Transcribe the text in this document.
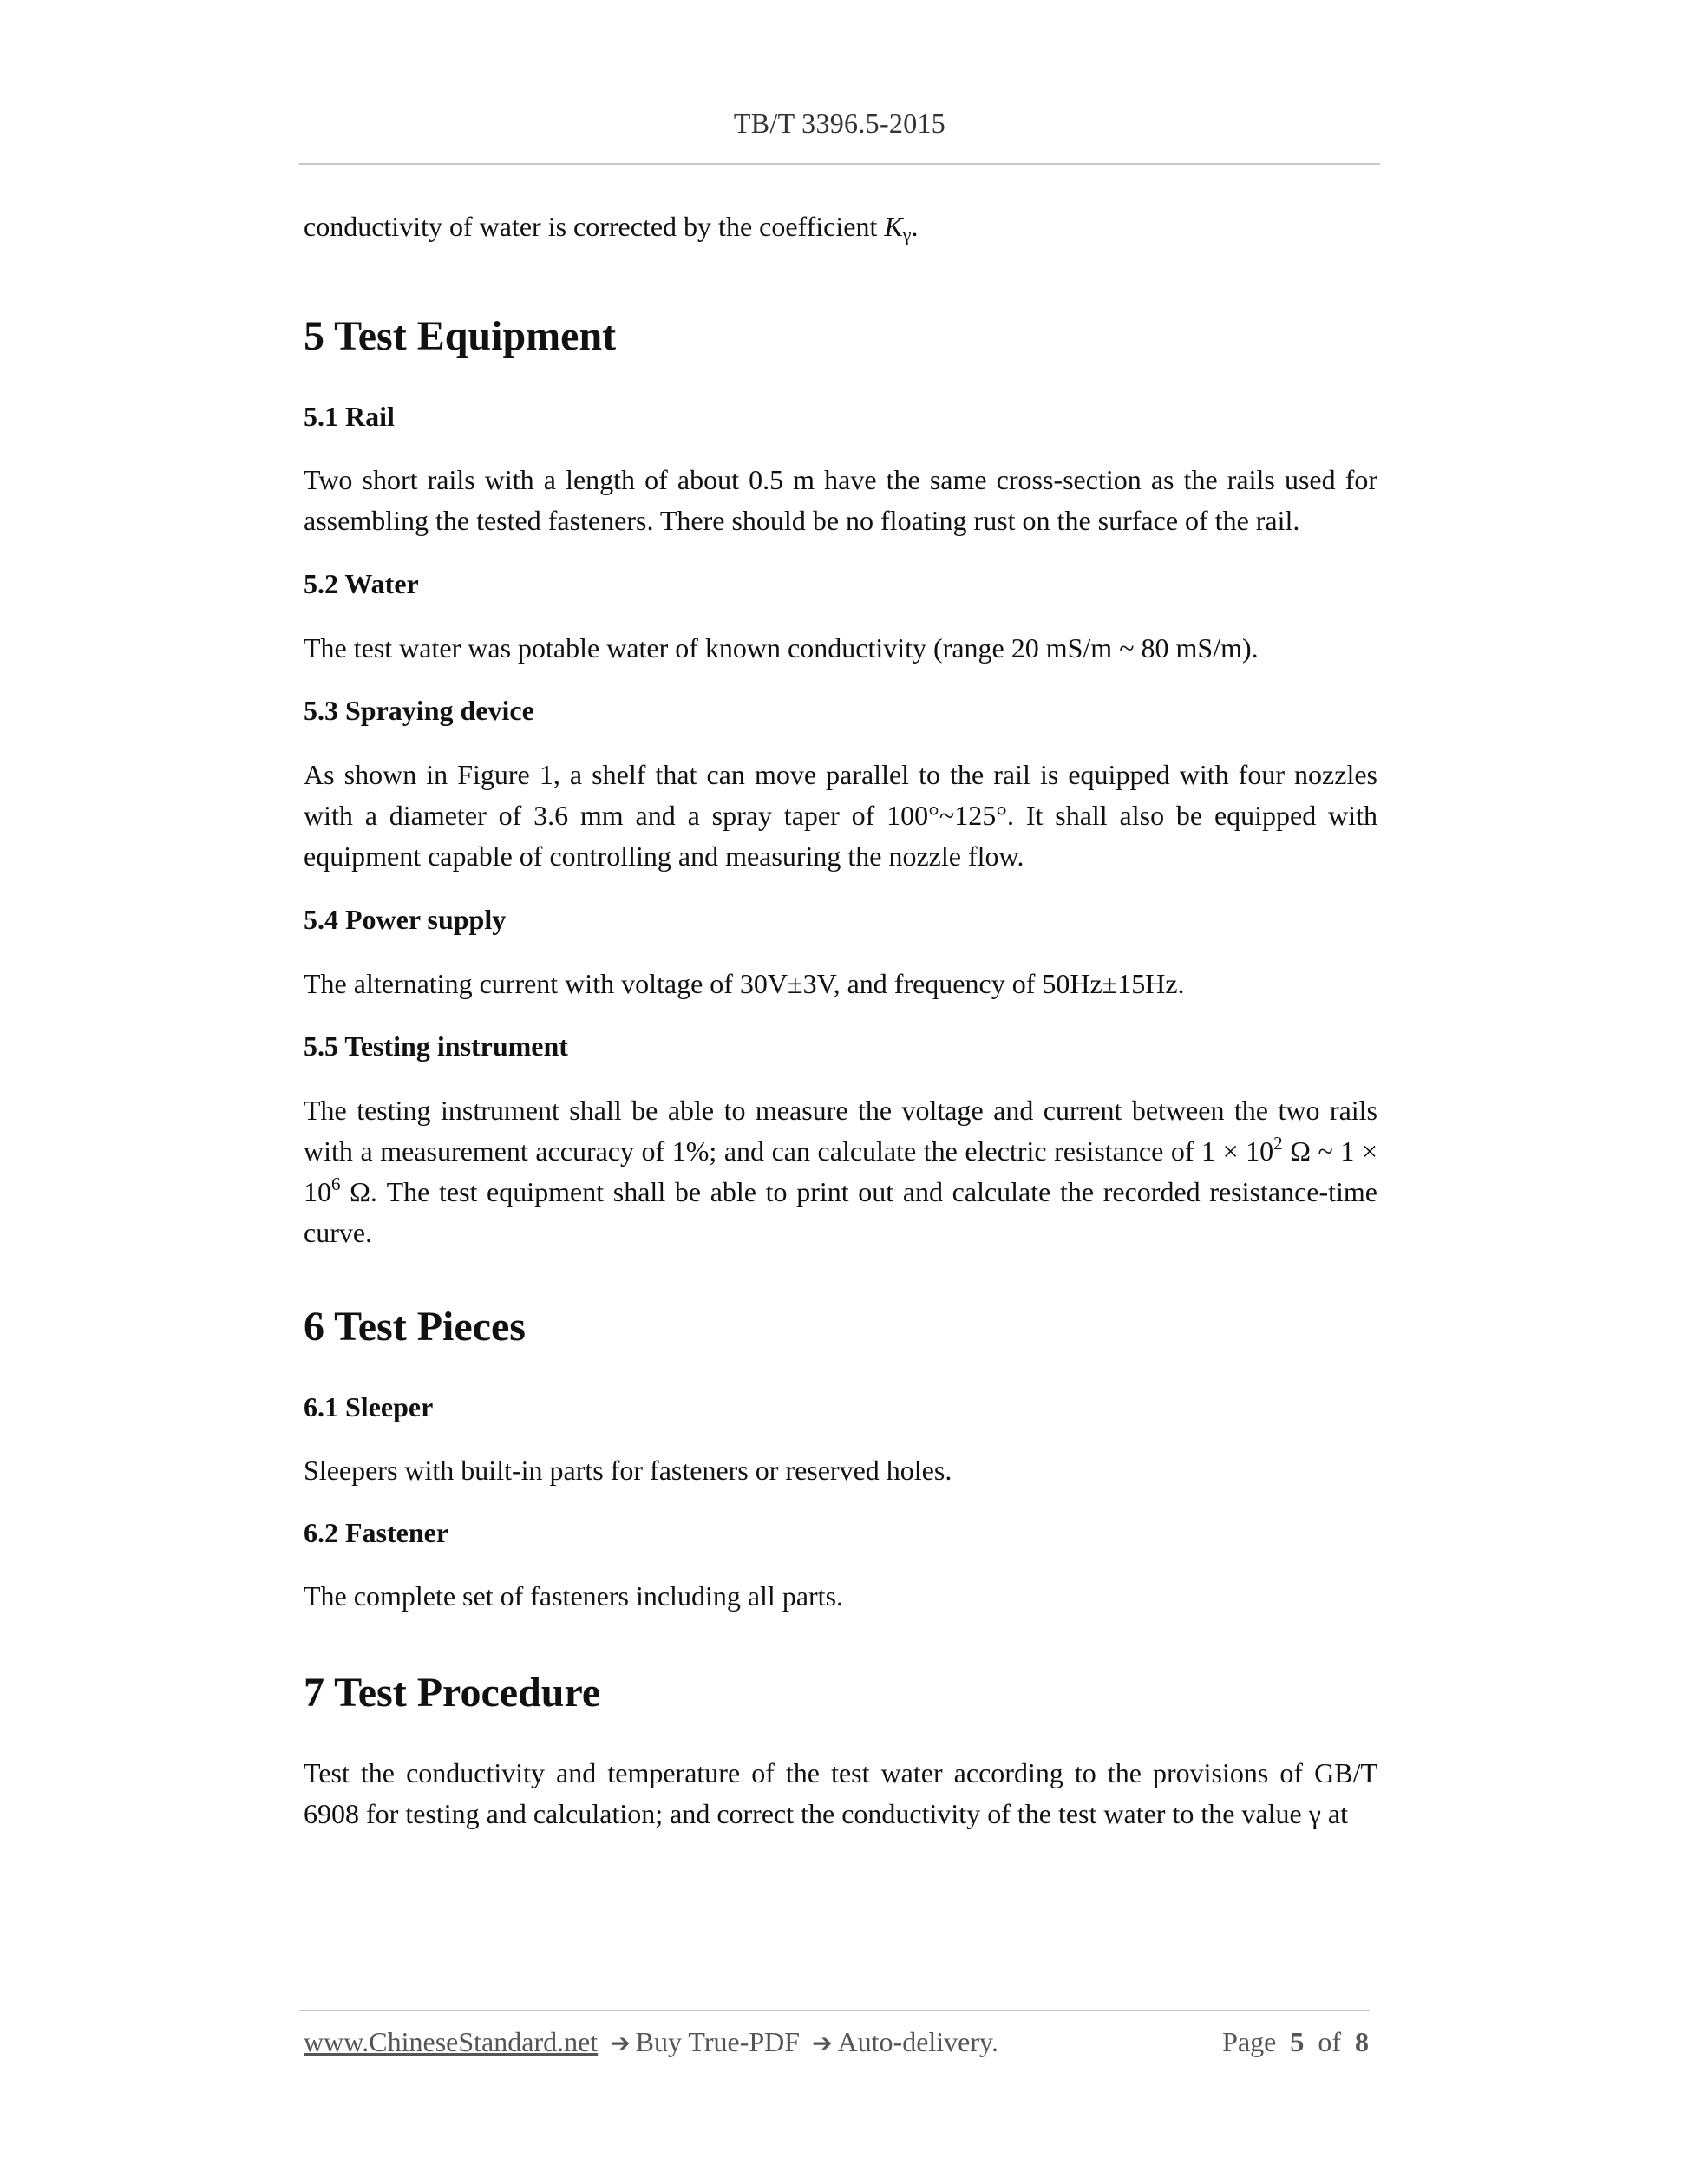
TB/T 3396.5-2015

conductivity of water is corrected by the coefficient $K_\gamma$.

5 Test Equipment
5.1 Rail

Two short rails with a length of about 0.5 m have the same cross-section as the rails used for assembling the tested fasteners. There should be no floating rust on the surface of the rail.

5.2 Water

The test water was potable water of known conductivity (range 20 mS/m ~ 80 mS/m).

5.3 Spraying device

As shown in Figure 1, a shelf that can move parallel to the rail is equipped with four nozzles with a diameter of 3.6 mm and a spray taper of 100°~125°. It shall also be equipped with equipment capable of controlling and measuring the nozzle flow.

5.4 Power supply

The alternating current with voltage of 30V±3V, and frequency of 50Hz±15Hz.

5.5 Testing instrument

The testing instrument shall be able to measure the voltage and current between the two rails with a measurement accuracy of 1%; and can calculate the electric resistance of $1 \times 10^2$ Ω ~ $1 \times 10^6$ Ω. The test equipment shall be able to print out and calculate the recorded resistance-time curve.

6 Test Pieces
6.1 Sleeper

Sleepers with built-in parts for fasteners or reserved holes.

6.2 Fastener

The complete set of fasteners including all parts.

7 Test Procedure

Test the conductivity and temperature of the test water according to the provisions of GB/T 6908 for testing and calculation; and correct the conductivity of the test water to the value γ at

www.ChineseStandard.net ➔ Buy True-PDF ➔ Auto-delivery.	Page 5 of 8
